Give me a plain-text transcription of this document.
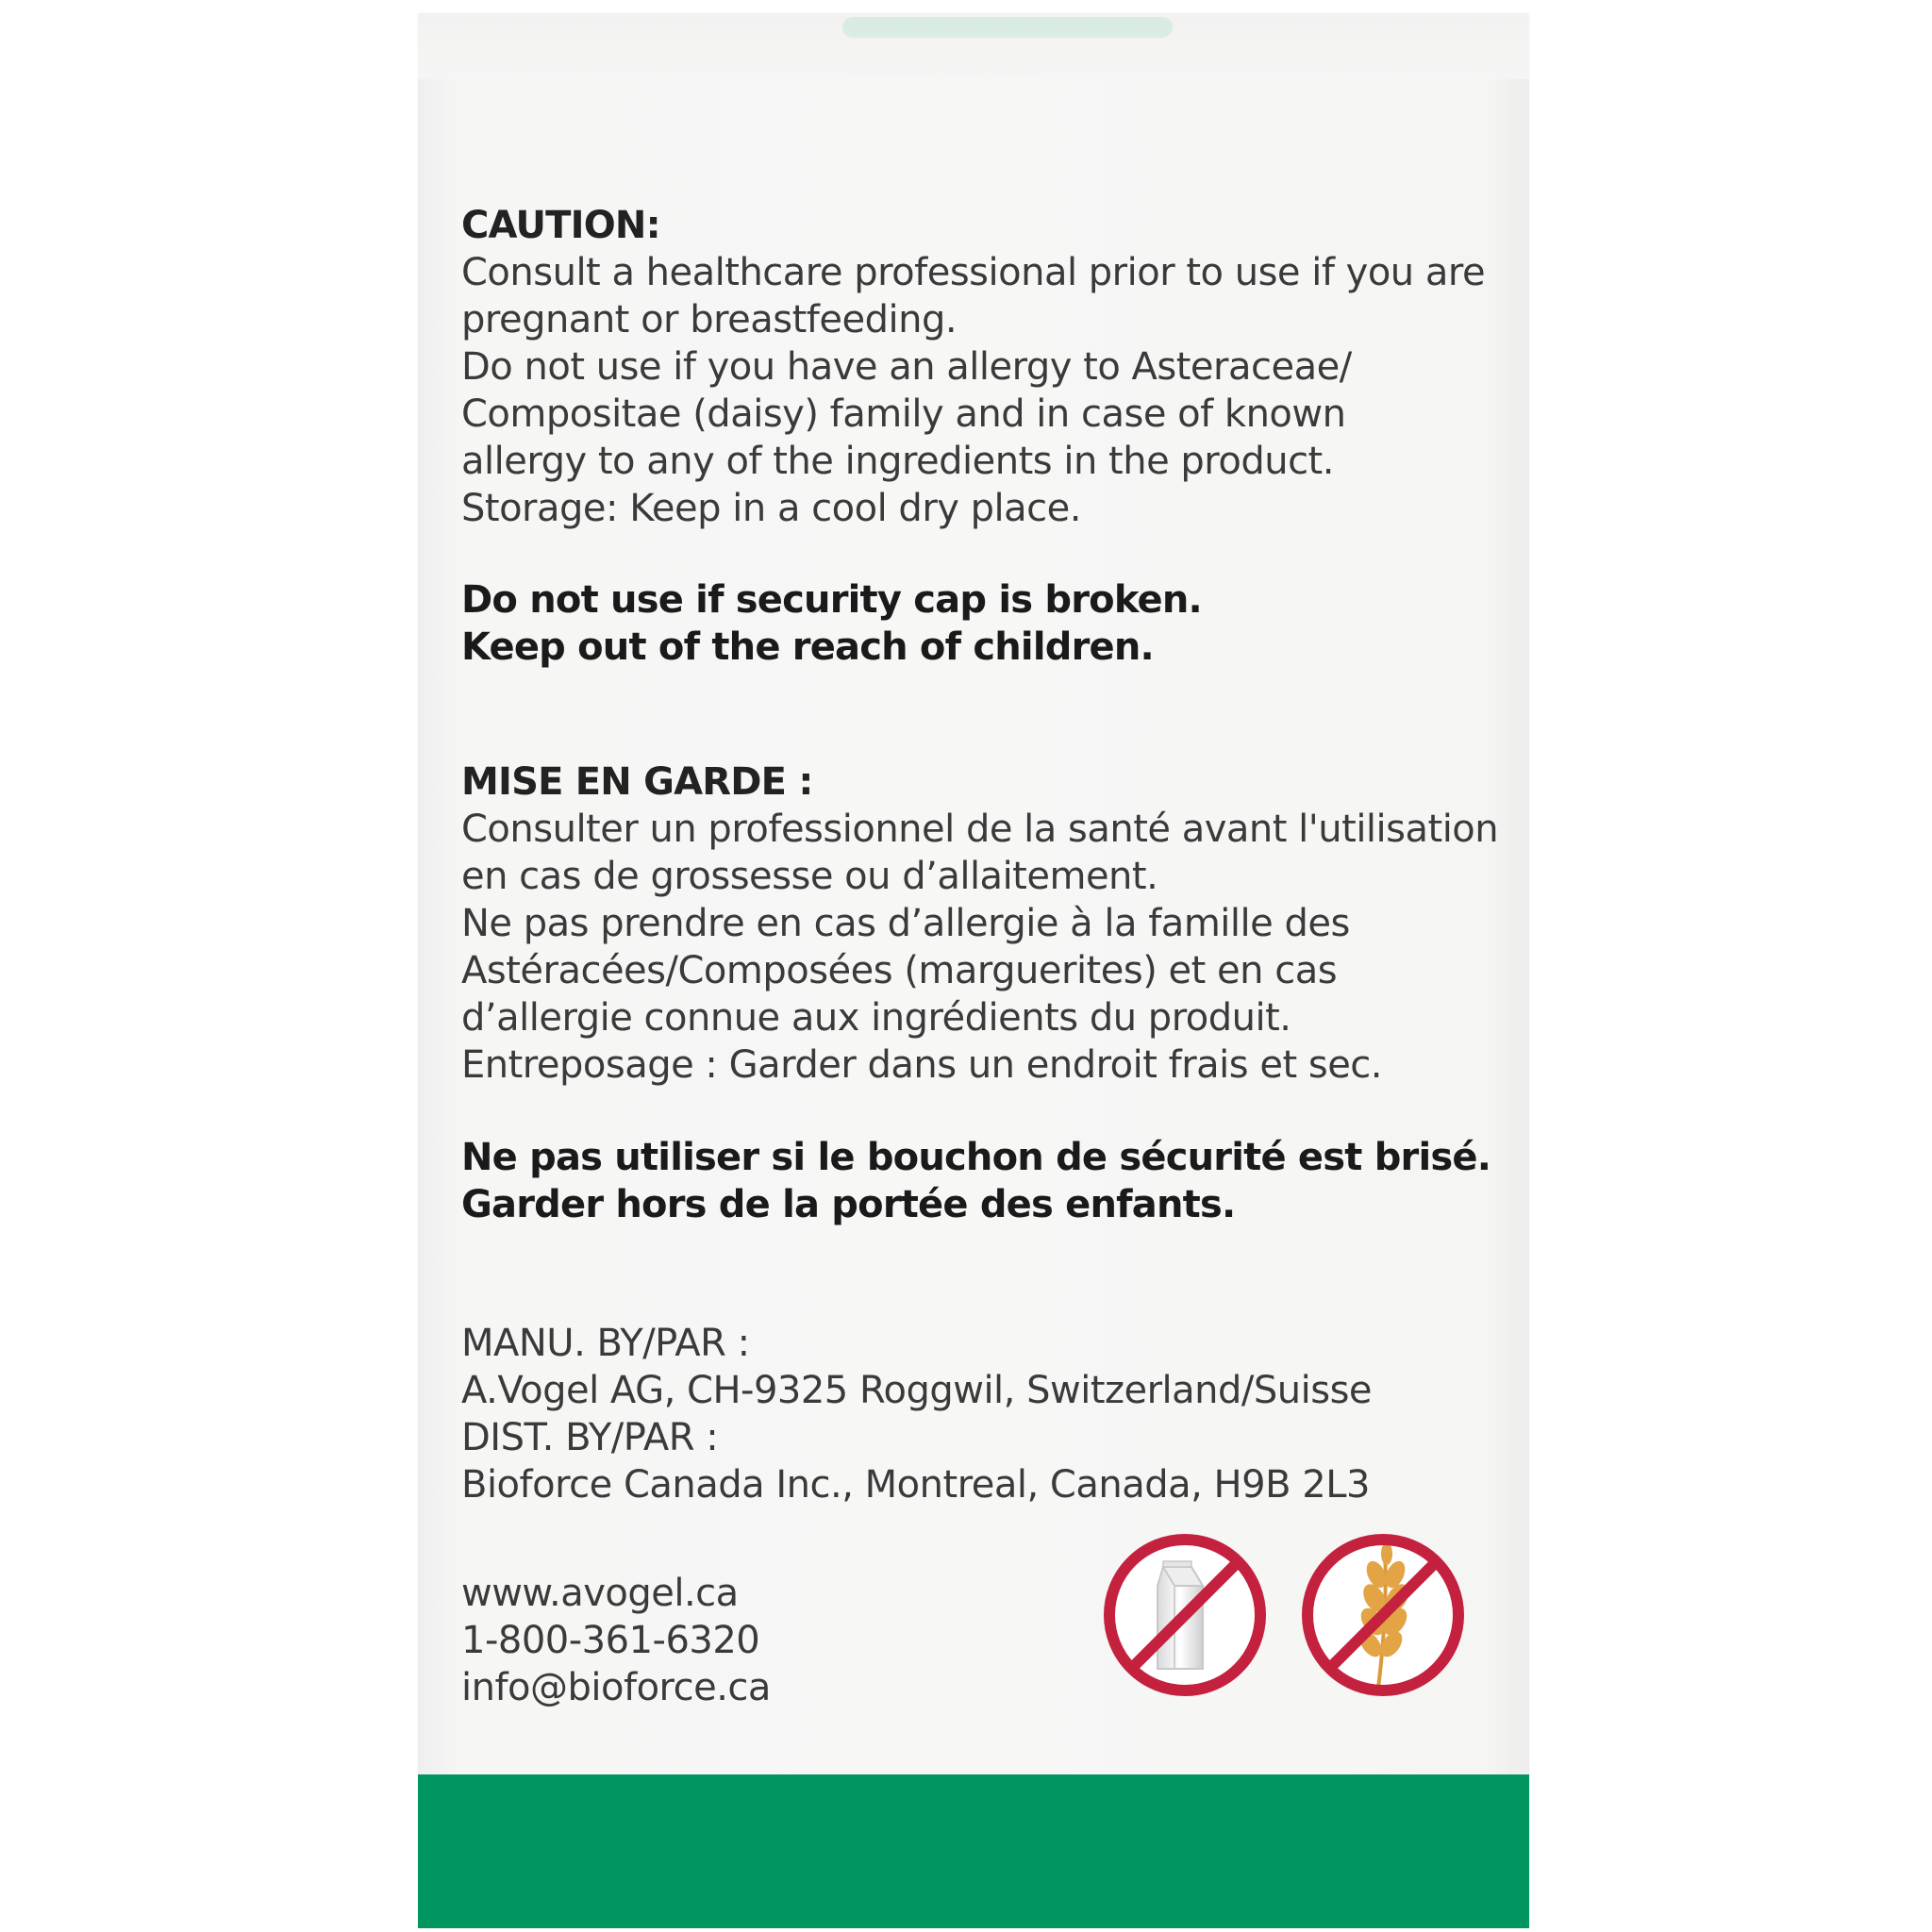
CAUTION:
Consult a healthcare professional prior to use if you are
pregnant or breastfeeding.
Do not use if you have an allergy to Asteraceae/
Compositae (daisy) family and in case of known
allergy to any of the ingredients in the product.
Storage: Keep in a cool dry place.
Do not use if security cap is broken.
Keep out of the reach of children.
MISE EN GARDE :
Consulter un professionnel de la santé avant l'utilisation
en cas de grossesse ou d’allaitement.
Ne pas prendre en cas d’allergie à la famille des
Astéracées/Composées (marguerites) et en cas
d’allergie connue aux ingrédients du produit.
Entreposage : Garder dans un endroit frais et sec.
Ne pas utiliser si le bouchon de sécurité est brisé.
Garder hors de la portée des enfants.
MANU. BY/PAR :
A.Vogel AG, CH-9325 Roggwil, Switzerland/Suisse
DIST. BY/PAR :
Bioforce Canada Inc., Montreal, Canada, H9B 2L3
www.avogel.ca
1-800-361-6320
info@bioforce.ca
